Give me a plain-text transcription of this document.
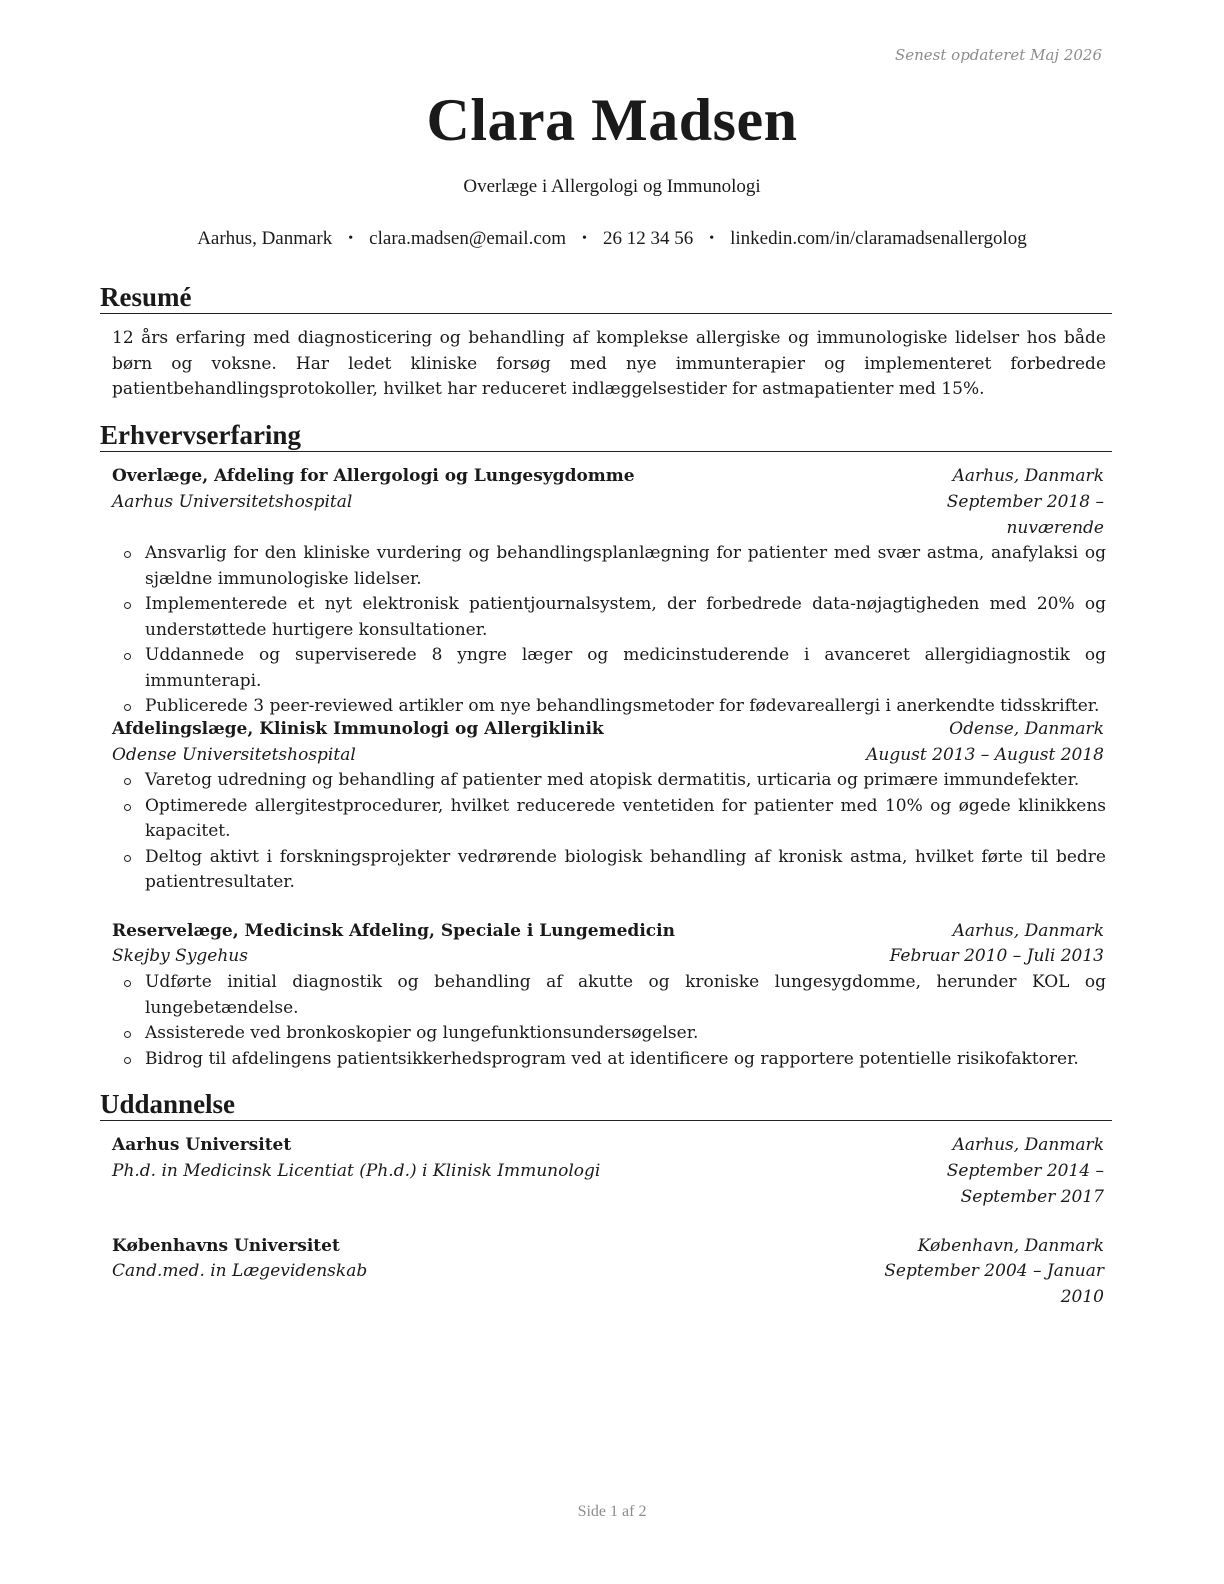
Senest opdateret Maj 2026
Clara Madsen
Overlæge i Allergologi og Immunologi
Aarhus, Danmark • clara.madsen@email.com • 26 12 34 56 • linkedin.com/in/claramadsenallergolog
Resumé
12 års erfaring med diagnosticering og behandling af komplekse allergiske og immunologiske lidelser hos både børn og voksne. Har ledet kliniske forsøg med nye immunterapier og implementeret forbedrede patientbehandlingsprotokoller, hvilket har reduceret indlæggelsestider for astmapatienter med 15%.
Erhvervserfaring
Overlæge, Afdeling for Allergologi og Lungesygdomme	Aarhus, Danmark
Aarhus Universitetshospital	September 2018 – nuværende
Ansvarlig for den kliniske vurdering og behandlingsplanlægning for patienter med svær astma, anafylaksi og sjældne immunologiske lidelser.
Implementerede et nyt elektronisk patientjournalsystem, der forbedrede data-nøjagtigheden med 20% og understøttede hurtigere konsultationer.
Uddannede og superviserede 8 yngre læger og medicinstuderende i avanceret allergidiagnostik og immunterapi.
Publicerede 3 peer-reviewed artikler om nye behandlingsmetoder for fødevareallergi i anerkendte tidsskrifter.
Afdelingslæge, Klinisk Immunologi og Allergiklinik	Odense, Danmark
Odense Universitetshospital	August 2013 – August 2018
Varetog udredning og behandling af patienter med atopisk dermatitis, urticaria og primære immundefekter.
Optimerede allergitestprocedurer, hvilket reducerede ventetiden for patienter med 10% og øgede klinikkens kapacitet.
Deltog aktivt i forskningsprojekter vedrørende biologisk behandling af kronisk astma, hvilket førte til bedre patientresultater.
Reservelæge, Medicinsk Afdeling, Speciale i Lungemedicin	Aarhus, Danmark
Skejby Sygehus	Februar 2010 – Juli 2013
Udførte initial diagnostik og behandling af akutte og kroniske lungesygdomme, herunder KOL og lungebetændelse.
Assisterede ved bronkoskopier og lungefunktionsundersøgelser.
Bidrog til afdelingens patientsikkerhedsprogram ved at identificere og rapportere potentielle risikofaktorer.
Uddannelse
Aarhus Universitet	Aarhus, Danmark
Ph.d. in Medicinsk Licentiat (Ph.d.) i Klinisk Immunologi	September 2014 – September 2017
Københavns Universitet	København, Danmark
Cand.med. in Lægevidenskab	September 2004 – Januar 2010
Side 1 af 2
